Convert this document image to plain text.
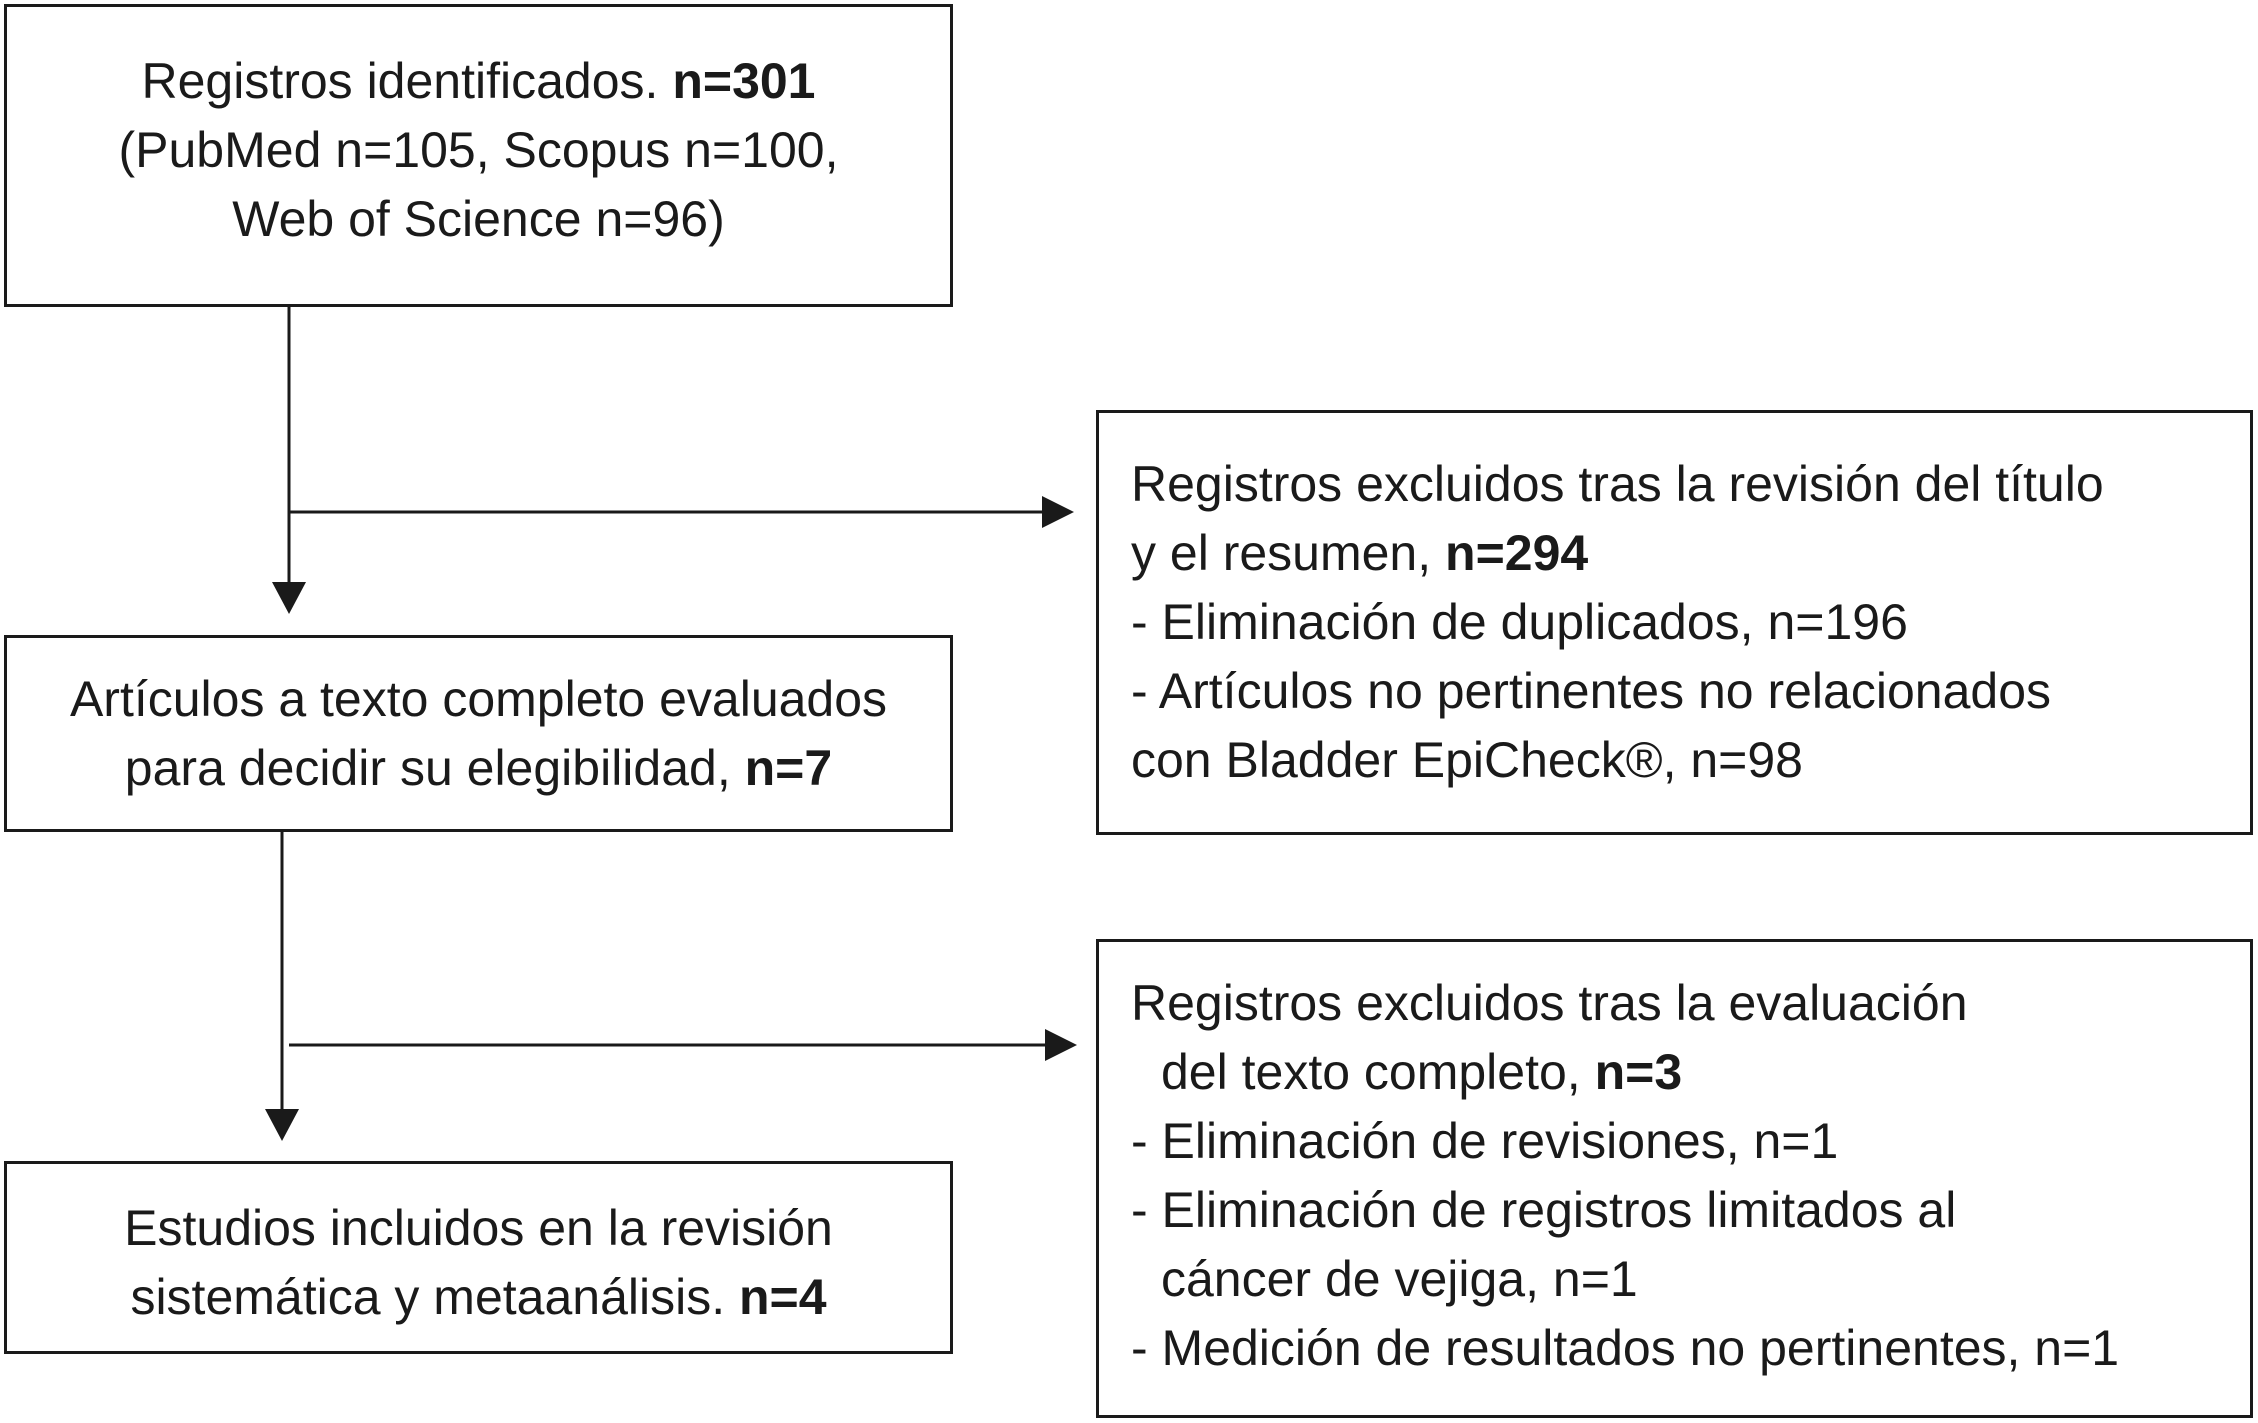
Registros identificados. n=301
(PubMed n=105, Scopus n=100,
Web of Science n=96)
Registros excluidos tras la revisión del título
y el resumen, n=294
- Eliminación de duplicados, n=196
- Artículos no pertinentes no relacionados
con Bladder EpiCheck®, n=98
Artículos a texto completo evaluados
para decidir su elegibilidad, n=7
Registros excluidos tras la evaluación
del texto completo, n=3
- Eliminación de revisiones, n=1
- Eliminación de registros limitados al
cáncer de vejiga, n=1
- Medición de resultados no pertinentes, n=1
Estudios incluidos en la revisión
sistemática y metaanálisis. n=4
